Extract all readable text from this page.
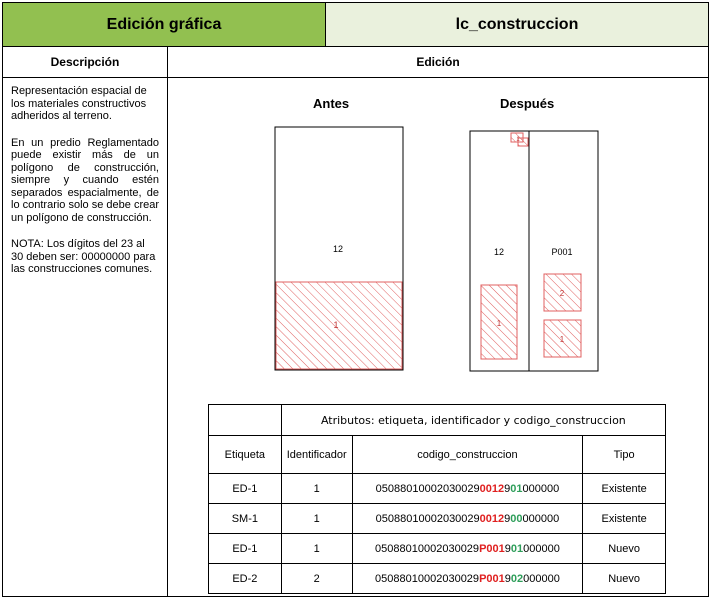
Edición gráfica	lc_construccion
Descripción	Edición

Representación espacial de los materiales constructivos adheridos al terreno.

En un predio Reglamentado puede existir más de un polígono de construcción, siempre y cuando estén separados espacialmente, de lo contrario solo se debe crear un polígono de construcción.

NOTA: Los dígitos del 23 al 30 deben ser: 00000000 para las construcciones comunes.

Antes	Después
12
1
1
12	P001
1
2
1
	Atributos: etiqueta, identificador y codigo_construccion		
Etiqueta	Identificador	codigo_construccion	Tipo
ED-1	1	050880100020300290012901000000	Existente
SM-1	1	050880100020300290012900000000	Existente
ED-1	1	05088010002030029P001901000000	Nuevo
ED-2	2	05088010002030029P001902000000	Nuevo
